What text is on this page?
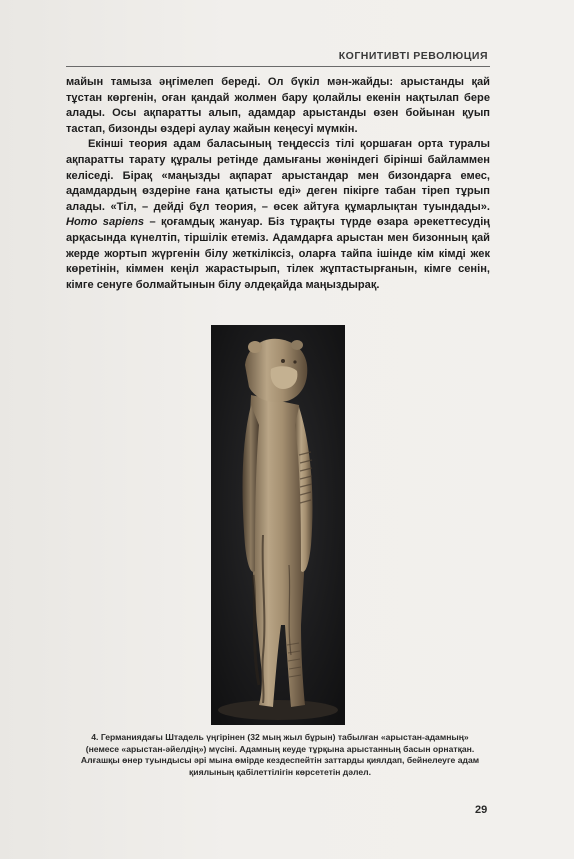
КОГНИТИВТІ РЕВОЛЮЦИЯ

майын тамыза әңгімелеп береді. Ол бүкіл мән-жайды: арыстанды қай тұстан көргенін, оған қандай жолмен бару қолайлы екенін нақтылап бере алады. Осы ақпаратты алып, адамдар арыстанды өзен бойынан қуып тастап, бизонды өздері аулау жайын кеңесуі мүмкін.

Екінші теория адам баласының теңдессіз тілі қоршаған орта туралы ақпаратты тарату құралы ретінде дамығаны жөніндегі бірінші байламмен келіседі. Бірақ «маңызды ақпарат арыстандар мен бизондарға емес, адамдардың өздеріне ғана қатысты еді» деген пікірге табан тіреп тұрып алады. «Тіл, – дейді бұл теория, – өсек айтуға құмарлықтан туындады». Homo sapiens – қоғамдық жануар. Біз тұрақты түрде өзара әрекеттесудің арқасында күнелтіп, тіршілік етеміз. Адамдарға арыстан мен бизонның қай жерде жортып жүргенін білу жеткіліксіз, оларға тайпа ішінде кім кімді жек көретінін, кіммен кеңіл жарастырып, тілек жұптастырғанын, кімге сенін, кімге сенуге болмайтынын білу әлдеқайда маңыздырақ.

4. Германиядағы Штадель үңгірінен (32 мың жыл бұрын) табылған «арыстан-адамның» (немесе «арыстан-әйелдің») мүсіні. Адамның кеуде тұрқына арыстанның басын орнатқан. Алғашқы өнер туындысы әрі мына өмірде кездеспейтін заттарды қиялдап, бейнелеуге адам қиялының қабілеттілігін көрсететін дәлел.
29
